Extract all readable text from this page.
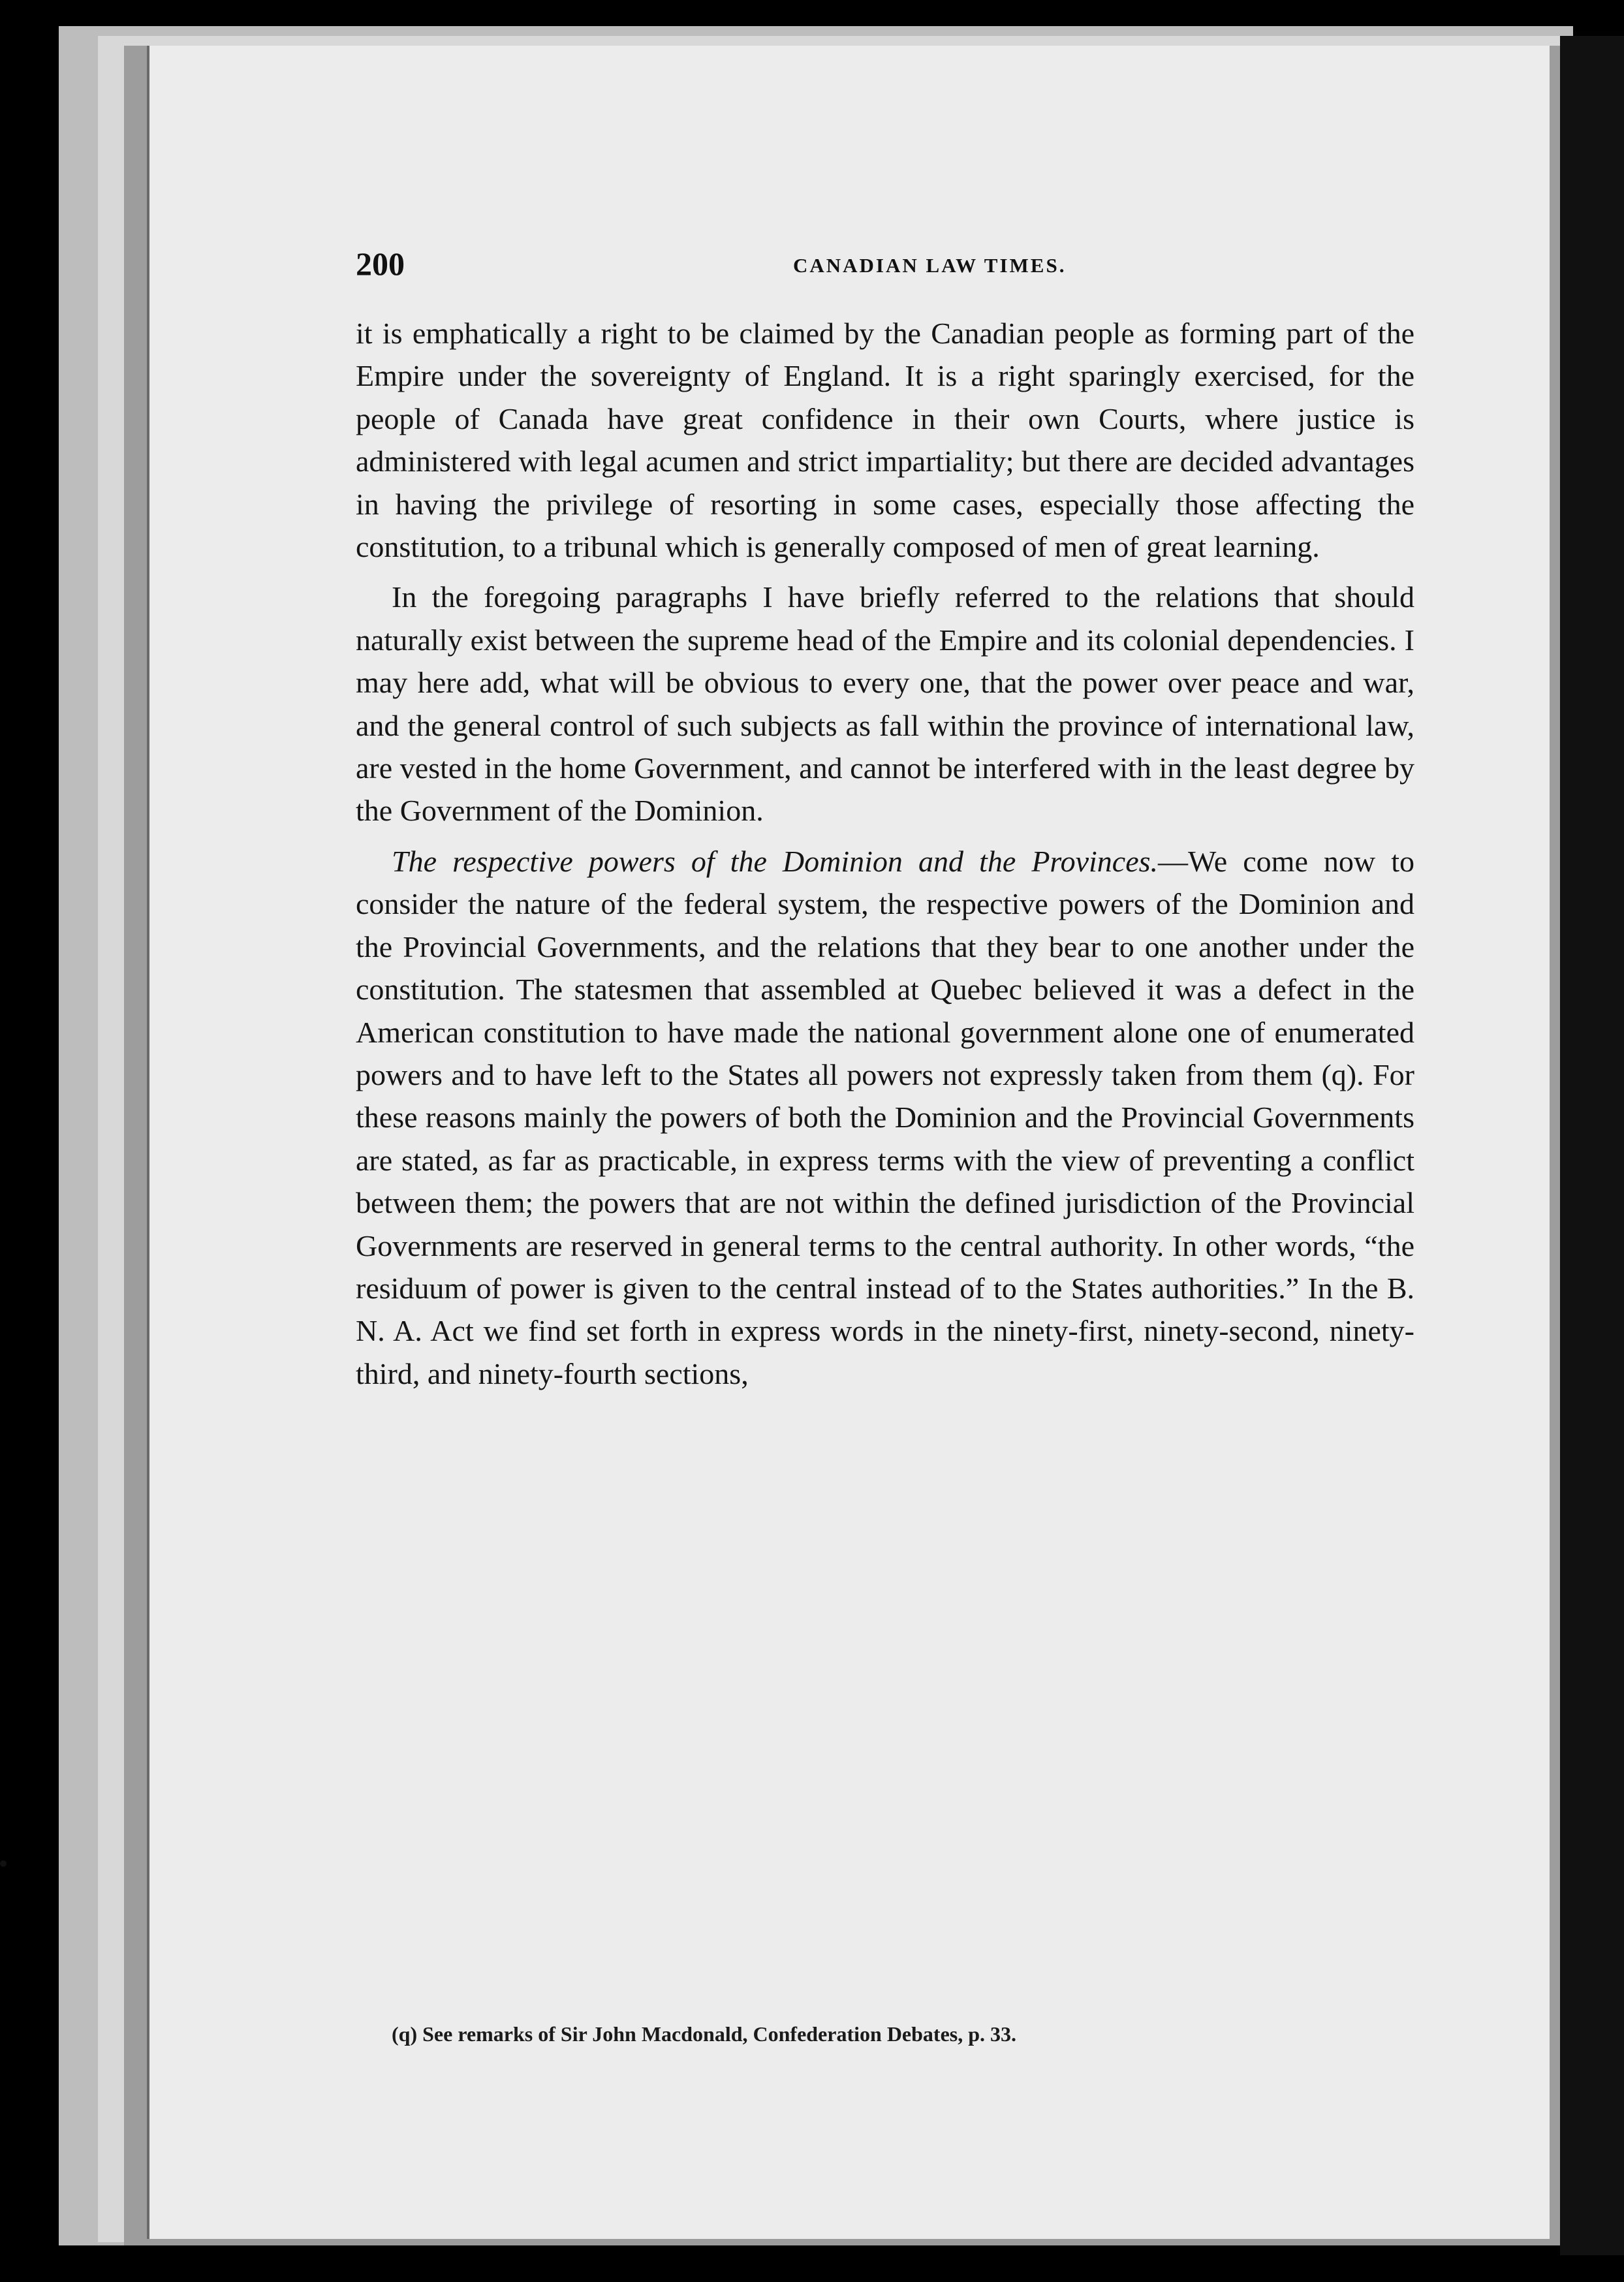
200	CANADIAN LAW TIMES.

it is emphatically a right to be claimed by the Canadian people as forming part of the Empire under the sovereignty of England. It is a right sparingly exercised, for the people of Canada have great confidence in their own Courts, where justice is administered with legal acumen and strict impartiality; but there are decided advantages in having the privilege of resorting in some cases, especially those affecting the constitution, to a tribunal which is generally composed of men of great learning.

In the foregoing paragraphs I have briefly referred to the relations that should naturally exist between the supreme head of the Empire and its colonial dependencies. I may here add, what will be obvious to every one, that the power over peace and war, and the general control of such subjects as fall within the province of international law, are vested in the home Government, and cannot be interfered with in the least degree by the Government of the Dominion.

The respective powers of the Dominion and the Provinces.—We come now to consider the nature of the federal system, the respective powers of the Dominion and the Provincial Governments, and the relations that they bear to one another under the constitution. The statesmen that assembled at Quebec believed it was a defect in the American constitution to have made the national government alone one of enumerated powers and to have left to the States all powers not expressly taken from them (q). For these reasons mainly the powers of both the Dominion and the Provincial Governments are stated, as far as practicable, in express terms with the view of preventing a conflict between them; the powers that are not within the defined jurisdiction of the Provincial Governments are reserved in general terms to the central authority. In other words, “the residuum of power is given to the central instead of to the States authorities.” In the B. N. A. Act we find set forth in express words in the ninety-first, ninety-second, ninety-third, and ninety-fourth sections,

(q) See remarks of Sir John Macdonald, Confederation Debates, p. 33.
